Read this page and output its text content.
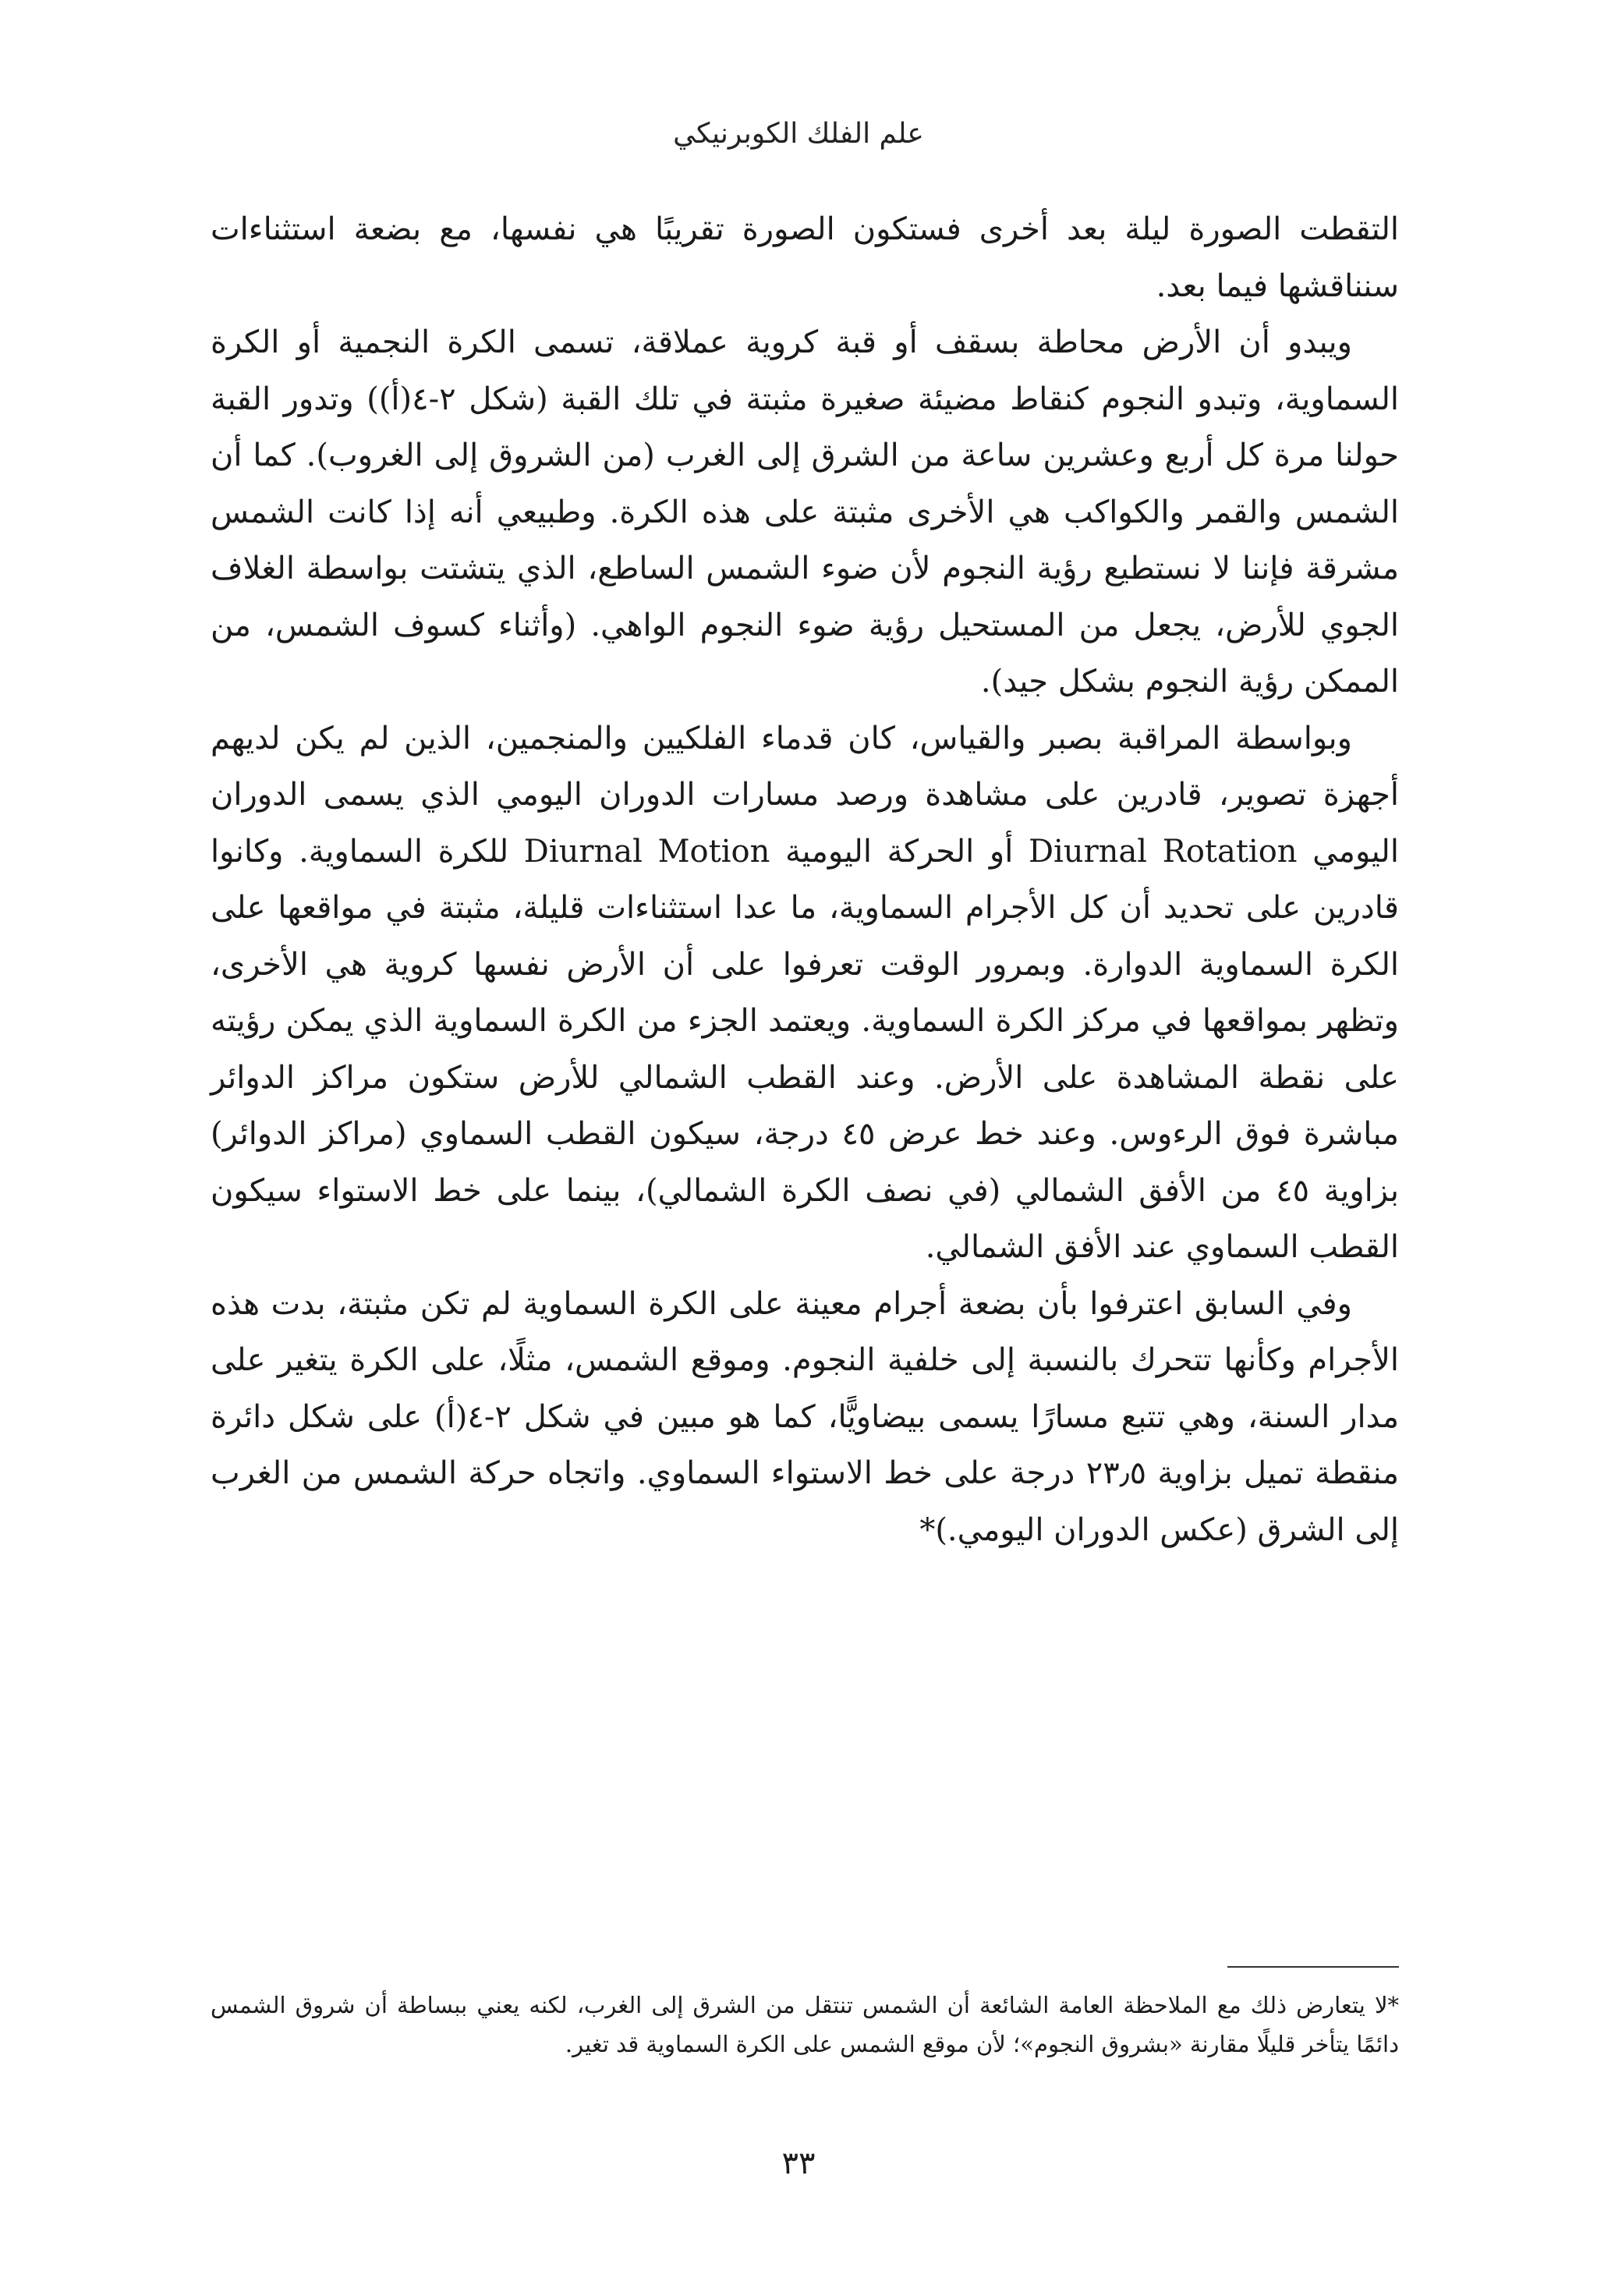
علم الفلك الكوبرنيكي

التقطت الصورة ليلة بعد أخرى فستكون الصورة تقريبًا هي نفسها، مع بضعة استثناءات سنناقشها فيما بعد.

ويبدو أن الأرض محاطة بسقف أو قبة كروية عملاقة، تسمى الكرة النجمية أو الكرة السماوية، وتبدو النجوم كنقاط مضيئة صغيرة مثبتة في تلك القبة (شكل ٢-٤(أ)) وتدور القبة حولنا مرة كل أربع وعشرين ساعة من الشرق إلى الغرب (من الشروق إلى الغروب). كما أن الشمس والقمر والكواكب هي الأخرى مثبتة على هذه الكرة. وطبيعي أنه إذا كانت الشمس مشرقة فإننا لا نستطيع رؤية النجوم لأن ضوء الشمس الساطع، الذي يتشتت بواسطة الغلاف الجوي للأرض، يجعل من المستحيل رؤية ضوء النجوم الواهي. (وأثناء كسوف الشمس، من الممكن رؤية النجوم بشكل جيد).

وبواسطة المراقبة بصبر والقياس، كان قدماء الفلكيين والمنجمين، الذين لم يكن لديهم أجهزة تصوير، قادرين على مشاهدة ورصد مسارات الدوران اليومي الذي يسمى الدوران اليومي Diurnal Rotation أو الحركة اليومية Diurnal Motion للكرة السماوية. وكانوا قادرين على تحديد أن كل الأجرام السماوية، ما عدا استثناءات قليلة، مثبتة في مواقعها على الكرة السماوية الدوارة. وبمرور الوقت تعرفوا على أن الأرض نفسها كروية هي الأخرى، وتظهر بمواقعها في مركز الكرة السماوية. ويعتمد الجزء من الكرة السماوية الذي يمكن رؤيته على نقطة المشاهدة على الأرض. وعند القطب الشمالي للأرض ستكون مراكز الدوائر مباشرة فوق الرءوس. وعند خط عرض ٤٥ درجة، سيكون القطب السماوي (مراكز الدوائر) بزاوية ٤٥ من الأفق الشمالي (في نصف الكرة الشمالي)، بينما على خط الاستواء سيكون القطب السماوي عند الأفق الشمالي.

وفي السابق اعترفوا بأن بضعة أجرام معينة على الكرة السماوية لم تكن مثبتة، بدت هذه الأجرام وكأنها تتحرك بالنسبة إلى خلفية النجوم. وموقع الشمس، مثلًا، على الكرة يتغير على مدار السنة، وهي تتبع مسارًا يسمى بيضاويًّا، كما هو مبين في شكل ٢-٤(أ) على شكل دائرة منقطة تميل بزاوية ٢٣٫٥ درجة على خط الاستواء السماوي. واتجاه حركة الشمس من الغرب إلى الشرق (عكس الدوران اليومي.)*

*لا يتعارض ذلك مع الملاحظة العامة الشائعة أن الشمس تنتقل من الشرق إلى الغرب، لكنه يعني ببساطة أن شروق الشمس دائمًا يتأخر قليلًا مقارنة «بشروق النجوم»؛ لأن موقع الشمس على الكرة السماوية قد تغير.

٣٣
